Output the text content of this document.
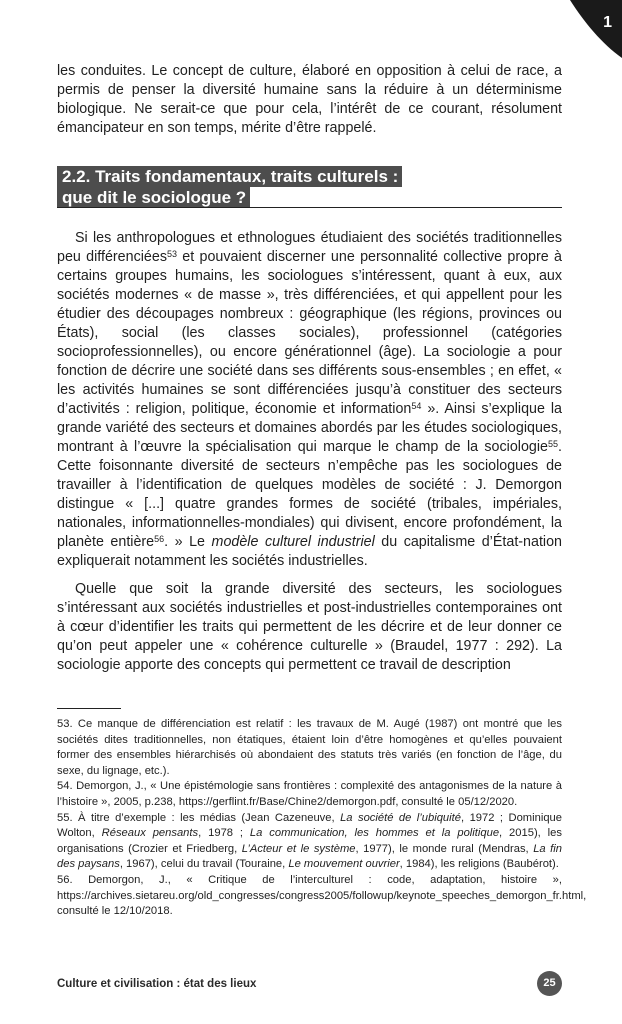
1

les conduites. Le concept de culture, élaboré en opposition à celui de race, a permis de penser la diversité humaine sans la réduire à un déterminisme biologique. Ne serait-ce que pour cela, l’intérêt de ce courant, résolument émancipateur en son temps, mérite d’être rappelé.

2.2. Traits fondamentaux, traits culturels :
que dit le sociologue ?

Si les anthropologues et ethnologues étudiaient des sociétés traditionnelles peu différenciées$^{53}$ et pouvaient discerner une personnalité collective propre à certains groupes humains, les sociologues s’intéressent, quant à eux, aux sociétés modernes « de masse », très différenciées, et qui appellent pour les étudier des découpages nombreux : géographique (les régions, provinces ou États), social (les classes sociales), professionnel (catégories socioprofessionnelles), ou encore générationnel (âge). La sociologie a pour fonction de décrire une société dans ses différents sous-ensembles ; en effet, « les activités humaines se sont différenciées jusqu’à constituer des secteurs d’activités : religion, politique, économie et information$^{54}$ ». Ainsi s’explique la grande variété des secteurs et domaines abordés par les études sociologiques, montrant à l’œuvre la spécialisation qui marque le champ de la sociologie$^{55}$. Cette foisonnante diversité de secteurs n’empêche pas les sociologues de travailler à l’identification de quelques modèles de société : J. Demorgon distingue « [...] quatre grandes formes de société (tribales, impériales, nationales, informationnelles-mondiales) qui divisent, encore profondément, la planète entière$^{56}$. » Le modèle culturel industriel du capitalisme d’État-nation expliquerait notamment les sociétés industrielles.

Quelle que soit la grande diversité des secteurs, les sociologues s’intéressant aux sociétés industrielles et post-industrielles contemporaines ont à cœur d’identifier les traits qui permettent de les décrire et de leur donner ce qu’on peut appeler une « cohérence culturelle » (Braudel, 1977 : 292). La sociologie apporte des concepts qui permettent ce travail de description

53. Ce manque de différenciation est relatif : les travaux de M. Augé (1987) ont montré que les sociétés dites traditionnelles, non étatiques, étaient loin d’être homogènes et qu’elles pouvaient former des ensembles hiérarchisés où abondaient des statuts très variés (en fonction de l’âge, du sexe, du lignage, etc.).

54. Demorgon, J., « Une épistémologie sans frontières : complexité des antagonismes de la nature à l’histoire », 2005, p.238, https://gerflint.fr/Base/Chine2/demorgon.pdf, consulté le 05/12/2020.

55. À titre d’exemple : les médias (Jean Cazeneuve, La société de l’ubiquité, 1972 ; Dominique Wolton, Réseaux pensants, 1978 ; La communication, les hommes et la politique, 2015), les organisations (Crozier et Friedberg, L’Acteur et le système, 1977), le monde rural (Mendras, La fin des paysans, 1967), celui du travail (Touraine, Le mouvement ouvrier, 1984), les religions (Baubérot).

56. Demorgon, J., « Critique de l’interculturel : code, adaptation, histoire », https://archives.sietareu.org/old_congresses/congress2005/followup/keynote_speeches_demorgon_fr.html, consulté le 12/10/2018.

Culture et civilisation : état des lieux	25
